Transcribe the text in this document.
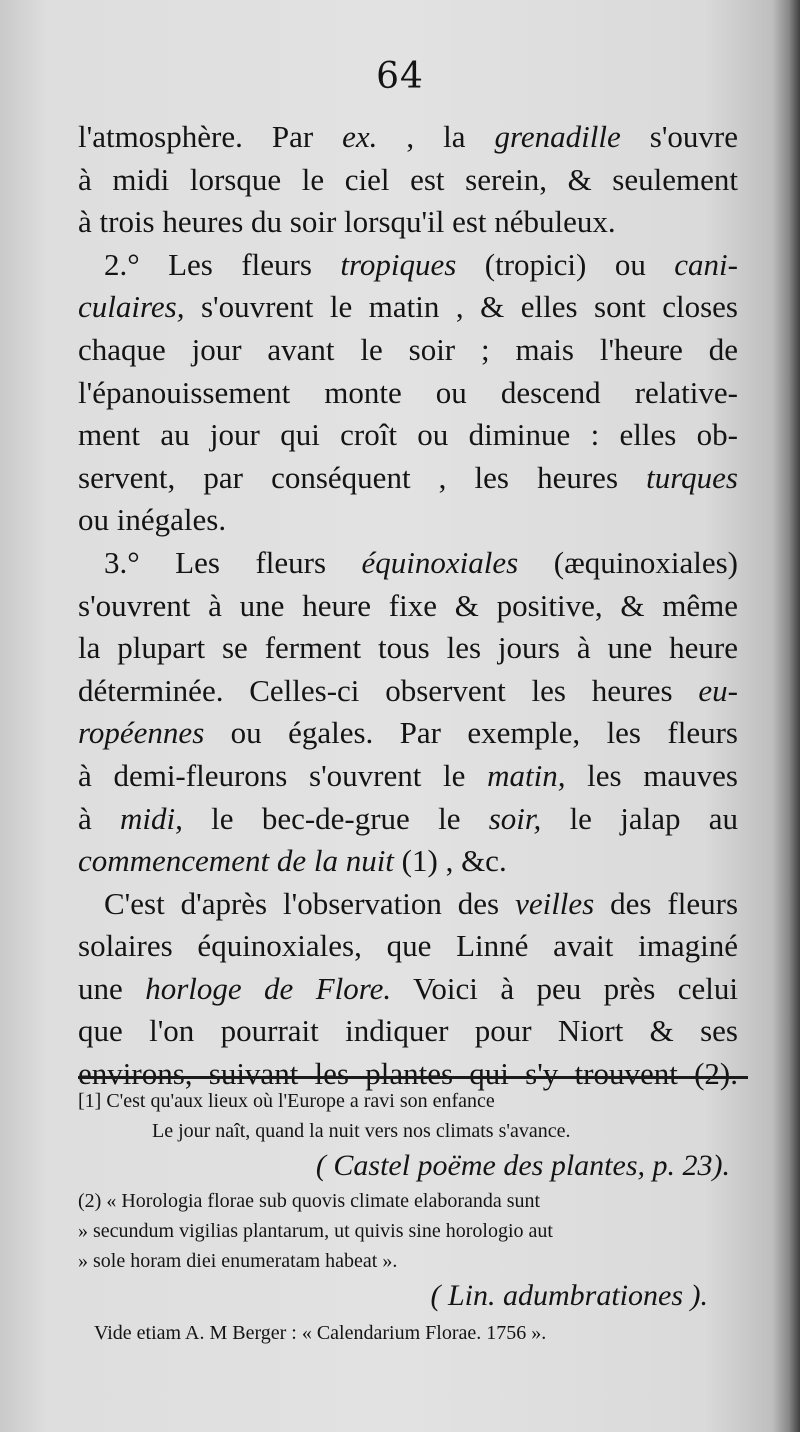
64
l'atmosphère. Par ex. , la grenadille s'ouvre
à midi lorsque le ciel est serein, & seulement
à trois heures du soir lorsqu'il est nébuleux.
2.° Les fleurs tropiques (tropici) ou cani-
culaires, s'ouvrent le matin , & elles sont closes
chaque jour avant le soir ; mais l'heure de
l'épanouissement monte ou descend relative-
ment au jour qui croît ou diminue : elles ob-
servent, par conséquent , les heures turques
ou inégales.
3.° Les fleurs équinoxiales (æquinoxiales)
s'ouvrent à une heure fixe & positive, & même
la plupart se ferment tous les jours à une heure
déterminée. Celles-ci observent les heures eu-
ropéennes ou égales. Par exemple, les fleurs
à demi-fleurons s'ouvrent le matin, les mauves
à midi, le bec-de-grue le soir, le jalap au
commencement de la nuit (1) , &c.
C'est d'après l'observation des veilles des fleurs
solaires équinoxiales, que Linné avait imaginé
une horloge de Flore. Voici à peu près celui
que l'on pourrait indiquer pour Niort & ses
environs, suivant les plantes qui s'y trouvent (2).
[1] C'est qu'aux lieux où l'Europe a ravi son enfance
Le jour naît, quand la nuit vers nos climats s'avance.
( Castel poëme des plantes, p. 23).
(2) « Horologia florae sub quovis climate elaboranda sunt
» secundum vigilias plantarum, ut quivis sine horologio aut
» sole horam diei enumeratam habeat ».
( Lin. adumbrationes ).
Vide etiam A. M Berger : « Calendarium Florae. 1756 ».
